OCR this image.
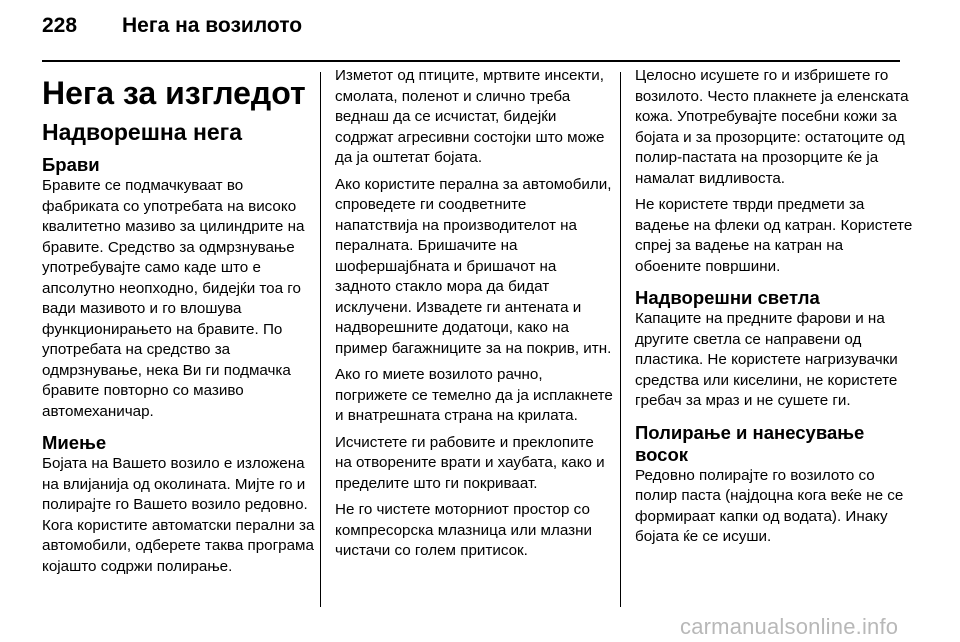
228	Нега на возилото
Нега за изгледот
Надворешна нега
Брави

Бравите се подмачкуваат во фабриката со употребата на високо квалитетно мазиво за цилиндрите на бравите. Средство за одмрзнување употребувајте само каде што е апсолутно неопходно, бидејќи тоа го вади мазивото и го влошува функционирањето на бравите. По употребата на средство за одмрзнување, нека Ви ги подмачка бравите повторно со мазиво автомеханичар.

Миење

Бојата на Вашето возило е изложена на влијанија од околината. Мијте го и полирајте го Вашето возило редовно. Кога користите автоматски перални за автомобили, одберете таква програма којашто содржи полирање.

Изметот од птиците, мртвите инсекти, смолата, поленот и слично треба веднаш да се исчистат, бидејќи содржат агресивни состојки што може да ја оштетат бојата.

Ако користите перална за автомобили, спроведете ги соодветните напатствија на производителот на пералната. Бришачите на шофершајбната и бришачот на задното стакло мора да бидат исклучени. Извадете ги антената и надворешните додатоци, како на пример багажниците за на покрив, итн.

Ако го миете возилото рачно, погрижете се темелно да ја исплакнете и внатрешната страна на крилата.

Исчистете ги рабовите и преклопите на отворените врати и хаубата, како и пределите што ги покриваат.

Не го чистете моторниот простор со компресорска млазница или млазни чистачи со голем притисок.

Целосно исушете го и избришете го возилото. Често плакнете ја еленската кожа. Употребувајте посебни кожи за бојата и за прозорците: остатоците од полир-пастата на прозорците ќе ја намалат видливоста.

Не користете тврди предмети за вадење на флеки од катран. Користете спреј за вадење на катран на обоените површини.

Надворешни светла

Капаците на предните фарови и на другите светла се направени од пластика. Не користете нагризувачки средства или киселини, не користете гребач за мраз и не сушете ги.

Полирање и нанесување восок

Редовно полирајте го возилото со полир паста (најдоцна кога веќе не се формираат капки од водата). Инаку бојата ќе се исуши.

carmanualsonline.info
